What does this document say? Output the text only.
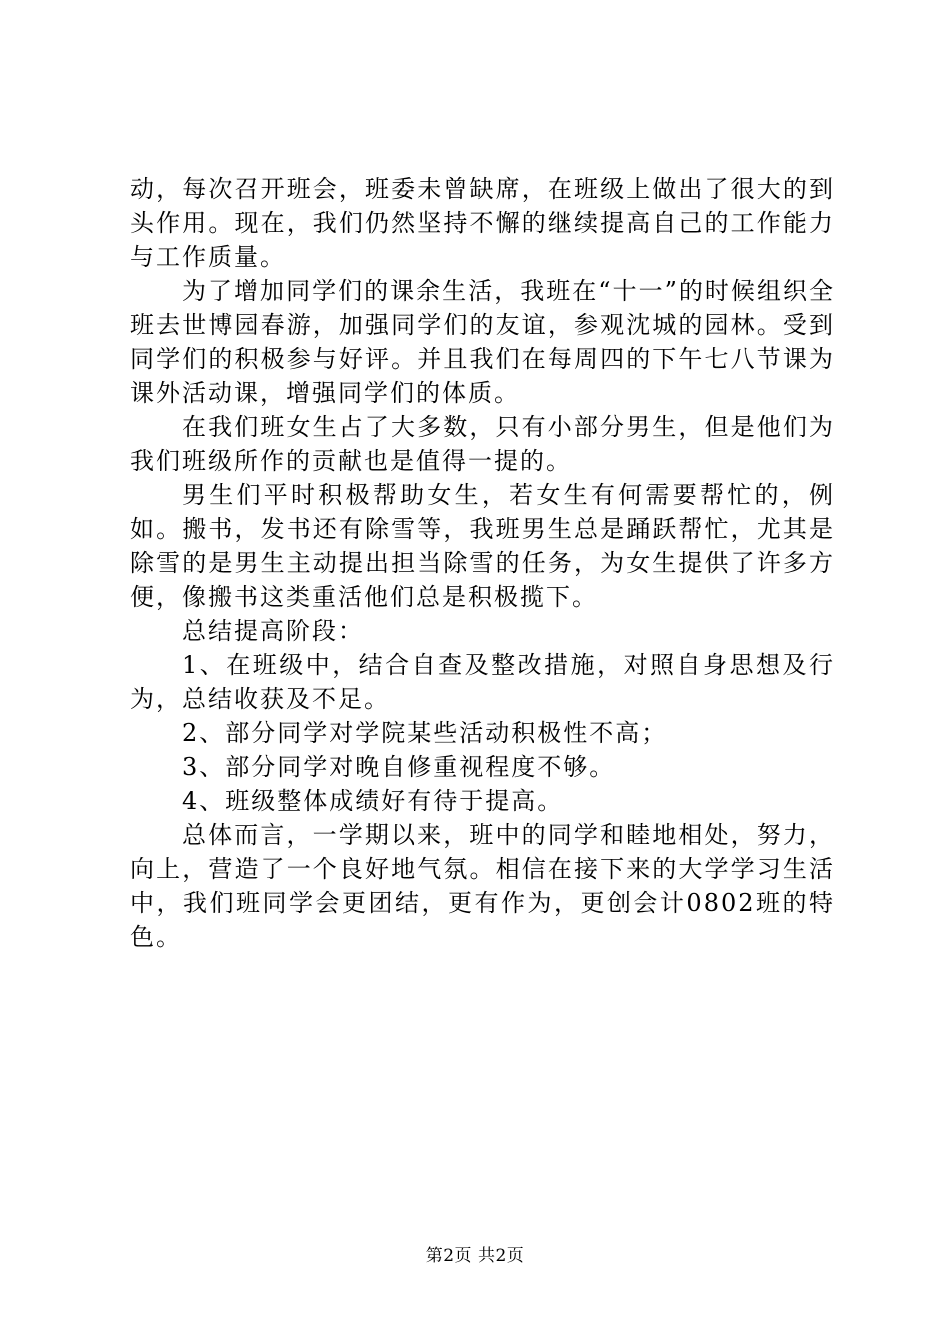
动，每次召开班会，班委未曾缺席，在班级上做出了很大的到头作用。现在，我们仍然坚持不懈的继续提高自己的工作能力与工作质量。

为了增加同学们的课余生活，我班在“十一”的时候组织全班去世博园春游，加强同学们的友谊，参观沈城的园林。受到同学们的积极参与好评。并且我们在每周四的下午七八节课为课外活动课，增强同学们的体质。

在我们班女生占了大多数，只有小部分男生，但是他们为我们班级所作的贡献也是值得一提的。

男生们平时积极帮助女生，若女生有何需要帮忙的，例如。搬书，发书还有除雪等，我班男生总是踊跃帮忙，尤其是除雪的是男生主动提出担当除雪的任务，为女生提供了许多方便，像搬书这类重活他们总是积极揽下。

总结提高阶段：

1、在班级中，结合自查及整改措施，对照自身思想及行为，总结收获及不足。

2、部分同学对学院某些活动积极性不高；

3、部分同学对晚自修重视程度不够。

4、班级整体成绩好有待于提高。

总体而言，一学期以来，班中的同学和睦地相处，努力，向上，营造了一个良好地气氛。相信在接下来的大学学习生活中，我们班同学会更团结，更有作为，更创会计0802班的特色。

第2页 共2页
